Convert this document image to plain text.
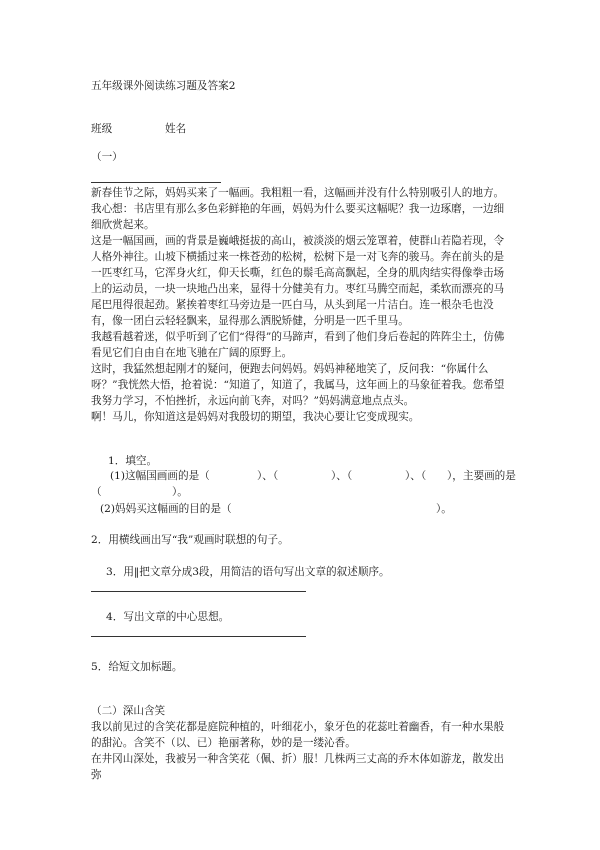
五年级课外阅读练习题及答案2
班级	姓名
（一）
新春佳节之际，妈妈买来了一幅画。我粗粗一看，这幅画并没有什么特别吸引人的地方。我心想：书店里有那么多色彩鲜艳的年画，妈妈为什么要买这幅呢？我一边琢磨，一边细细欣赏起来。
这是一幅国画，画的背景是巍峨挺拔的高山，被淡淡的烟云笼罩着，使群山若隐若现，令人格外神往。山坡下横插过来一株苍劲的松树，松树下是一对飞奔的骏马。奔在前头的是一匹枣红马，它浑身火红，仰天长嘶，红色的鬃毛高高飘起，全身的肌肉结实得像拳击场上的运动员，一块一块地凸出来，显得十分健美有力。枣红马腾空而起，柔软而漂亮的马尾巴甩得很起劲。紧挨着枣红马旁边是一匹白马，从头到尾一片洁白。连一根杂毛也没有，像一团白云轻轻飘来，显得那么洒脱矫健，分明是一匹千里马。
我越看越着迷，似乎听到了它们“得得”的马蹄声，看到了他们身后卷起的阵阵尘土，仿佛看见它们自由自在地飞驰在广阔的原野上。
这时，我猛然想起刚才的疑问，便跑去问妈妈。妈妈神秘地笑了，反问我：“你属什么呀？”我恍然大悟，抢着说：“知道了，知道了，我属马，这年画上的马象征着我。您希望我努力学习，不怕挫折，永远向前飞奔，对吗？”妈妈满意地点点头。
啊！马儿，你知道这是妈妈对我殷切的期望，我决心要让它变成现实。
1．填空。
(1)这幅国画画的是（	）、（	）、（	）、（ ），主要画的是
（	）。
(2)妈妈买这幅画的目的是（	）。
2．用横线画出写“我”观画时联想的句子。
3．用‖把文章分成3段，用简洁的语句写出文章的叙述顺序。
4．写出文章的中心思想。
5．给短文加标题。
（二）深山含笑
我以前见过的含笑花都是庭院种植的，叶细花小，象牙色的花蕊吐着幽香，有一种水果般的甜沁。含笑不（以、已）艳丽著称，妙的是一缕沁香。
在井冈山深处，我被另一种含笑花（佩、折）服！几株两三丈高的乔木体如游龙，散发出弥
